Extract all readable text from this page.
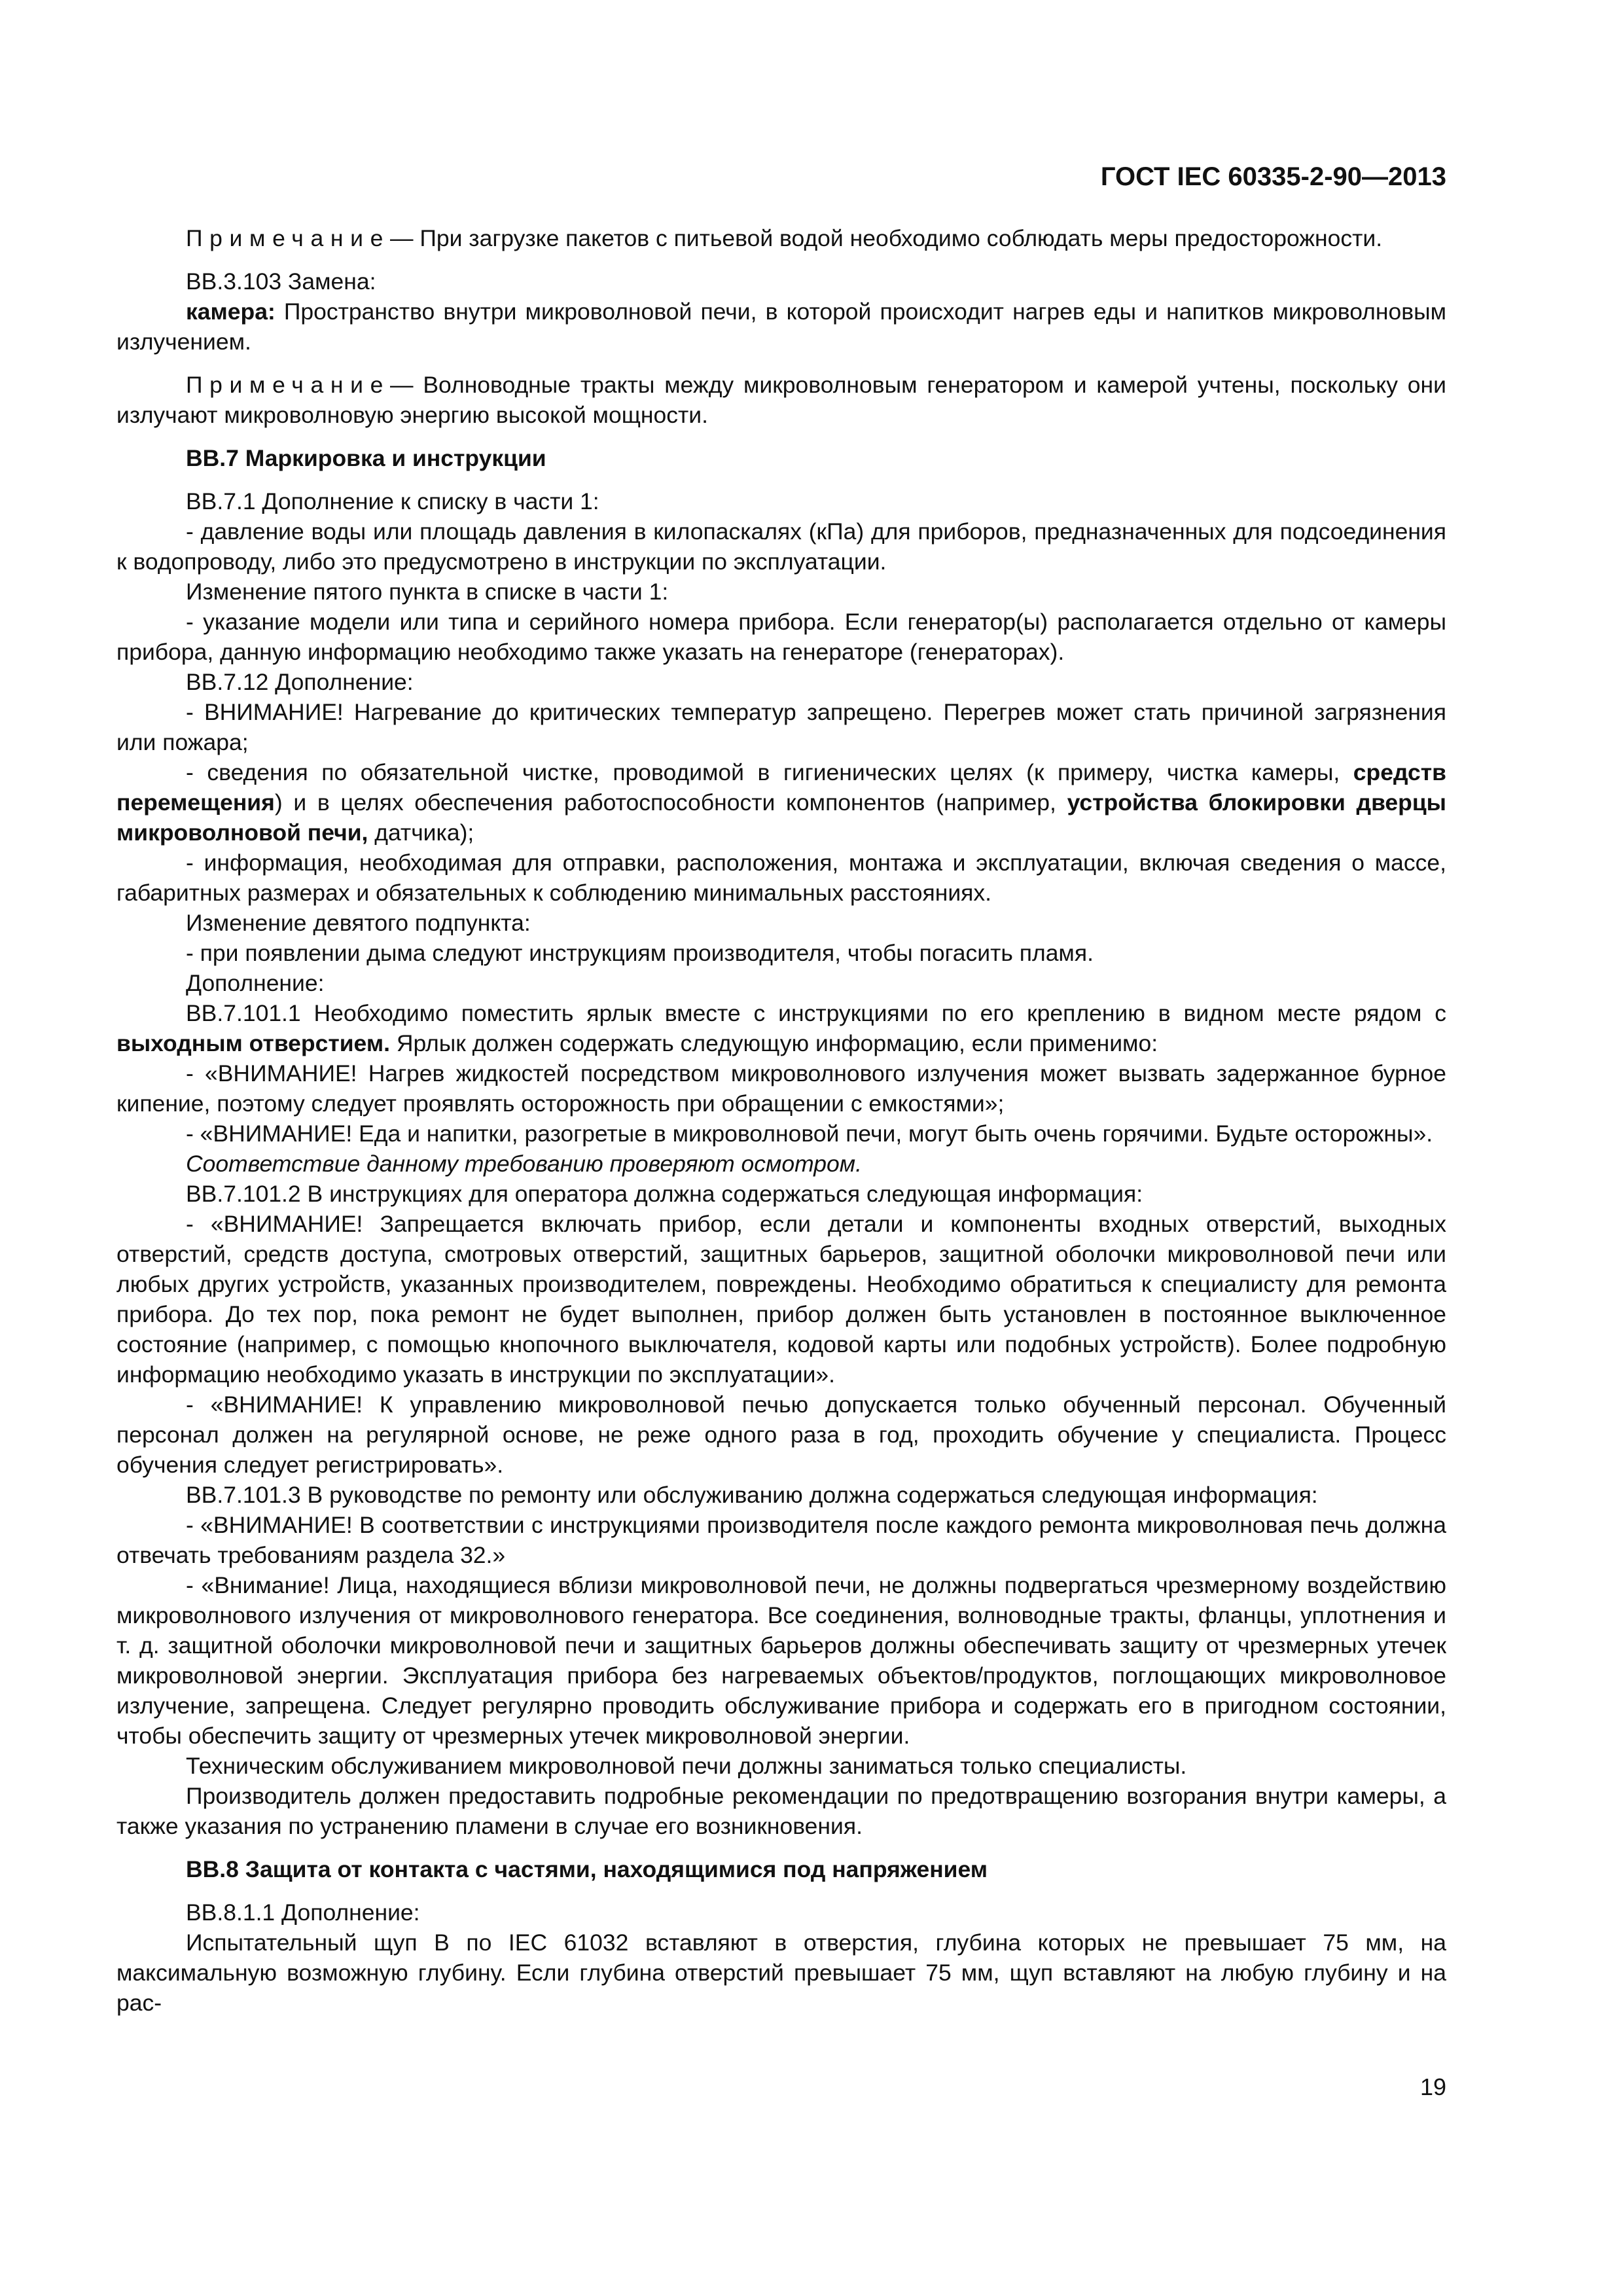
ГОСТ IEC 60335-2-90—2013

Примечание— При загрузке пакетов с питьевой водой необходимо соблюдать меры предосторожности.

ВВ.3.103 Замена:

камера: Пространство внутри микроволновой печи, в которой происходит нагрев еды и напитков микроволновым излучением.

Примечание— Волноводные тракты между микроволновым генератором и камерой учтены, поскольку они излучают микроволновую энергию высокой мощности.

ВВ.7 Маркировка и инструкции

ВВ.7.1 Дополнение к списку в части 1:

- давление воды или площадь давления в килопаскалях (кПа) для приборов, предназначенных для подсоединения к водопроводу, либо это предусмотрено в инструкции по эксплуатации.

Изменение пятого пункта в списке в части 1:

- указание модели или типа и серийного номера прибора. Если генератор(ы) располагается отдельно от камеры прибора, данную информацию необходимо также указать на генераторе (генераторах).

ВВ.7.12 Дополнение:

- ВНИМАНИЕ! Нагревание до критических температур запрещено. Перегрев может стать причиной загрязнения или пожара;

- сведения по обязательной чистке, проводимой в гигиенических целях (к примеру, чистка камеры, средств перемещения) и в целях обеспечения работоспособности компонентов (например, устройства блокировки дверцы микроволновой печи, датчика);

- информация, необходимая для отправки, расположения, монтажа и эксплуатации, включая сведения о массе, габаритных размерах и обязательных к соблюдению минимальных расстояниях.

Изменение девятого подпункта:

- при появлении дыма следуют инструкциям производителя, чтобы погасить пламя.

Дополнение:

ВВ.7.101.1 Необходимо поместить ярлык вместе с инструкциями по его креплению в видном месте рядом с выходным отверстием. Ярлык должен содержать следующую информацию, если применимо:

- «ВНИМАНИЕ! Нагрев жидкостей посредством микроволнового излучения может вызвать задержанное бурное кипение, поэтому следует проявлять осторожность при обращении с емкостями»;

- «ВНИМАНИЕ! Еда и напитки, разогретые в микроволновой печи, могут быть очень горячими. Будьте осторожны».

Соответствие данному требованию проверяют осмотром.

ВВ.7.101.2 В инструкциях для оператора должна содержаться следующая информация:

- «ВНИМАНИЕ! Запрещается включать прибор, если детали и компоненты входных отверстий, выходных отверстий, средств доступа, смотровых отверстий, защитных барьеров, защитной оболочки микроволновой печи или любых других устройств, указанных производителем, повреждены. Необходимо обратиться к специалисту для ремонта прибора. До тех пор, пока ремонт не будет выполнен, прибор должен быть установлен в постоянное выключенное состояние (например, с помощью кнопочного выключателя, кодовой карты или подобных устройств). Более подробную информацию необходимо указать в инструкции по эксплуатации».

- «ВНИМАНИЕ! К управлению микроволновой печью допускается только обученный персонал. Обученный персонал должен на регулярной основе, не реже одного раза в год, проходить обучение у специалиста. Процесс обучения следует регистрировать».

ВВ.7.101.3 В руководстве по ремонту или обслуживанию должна содержаться следующая информация:

- «ВНИМАНИЕ! В соответствии с инструкциями производителя после каждого ремонта микроволновая печь должна отвечать требованиям раздела 32.»

- «Внимание! Лица, находящиеся вблизи микроволновой печи, не должны подвергаться чрезмерному воздействию микроволнового излучения от микроволнового генератора. Все соединения, волноводные тракты, фланцы, уплотнения и т. д. защитной оболочки микроволновой печи и защитных барьеров должны обеспечивать защиту от чрезмерных утечек микроволновой энергии. Эксплуатация прибора без нагреваемых объектов/продуктов, поглощающих микроволновое излучение, запрещена. Следует регулярно проводить обслуживание прибора и содержать его в пригодном состоянии, чтобы обеспечить защиту от чрезмерных утечек микроволновой энергии.

Техническим обслуживанием микроволновой печи должны заниматься только специалисты.

Производитель должен предоставить подробные рекомендации по предотвращению возгорания внутри камеры, а также указания по устранению пламени в случае его возникновения.

ВВ.8 Защита от контакта с частями, находящимися под напряжением

ВВ.8.1.1 Дополнение:

Испытательный щуп В по IEC 61032 вставляют в отверстия, глубина которых не превышает 75 мм, на максимальную возможную глубину. Если глубина отверстий превышает 75 мм, щуп вставляют на любую глубину и на рас-

19
